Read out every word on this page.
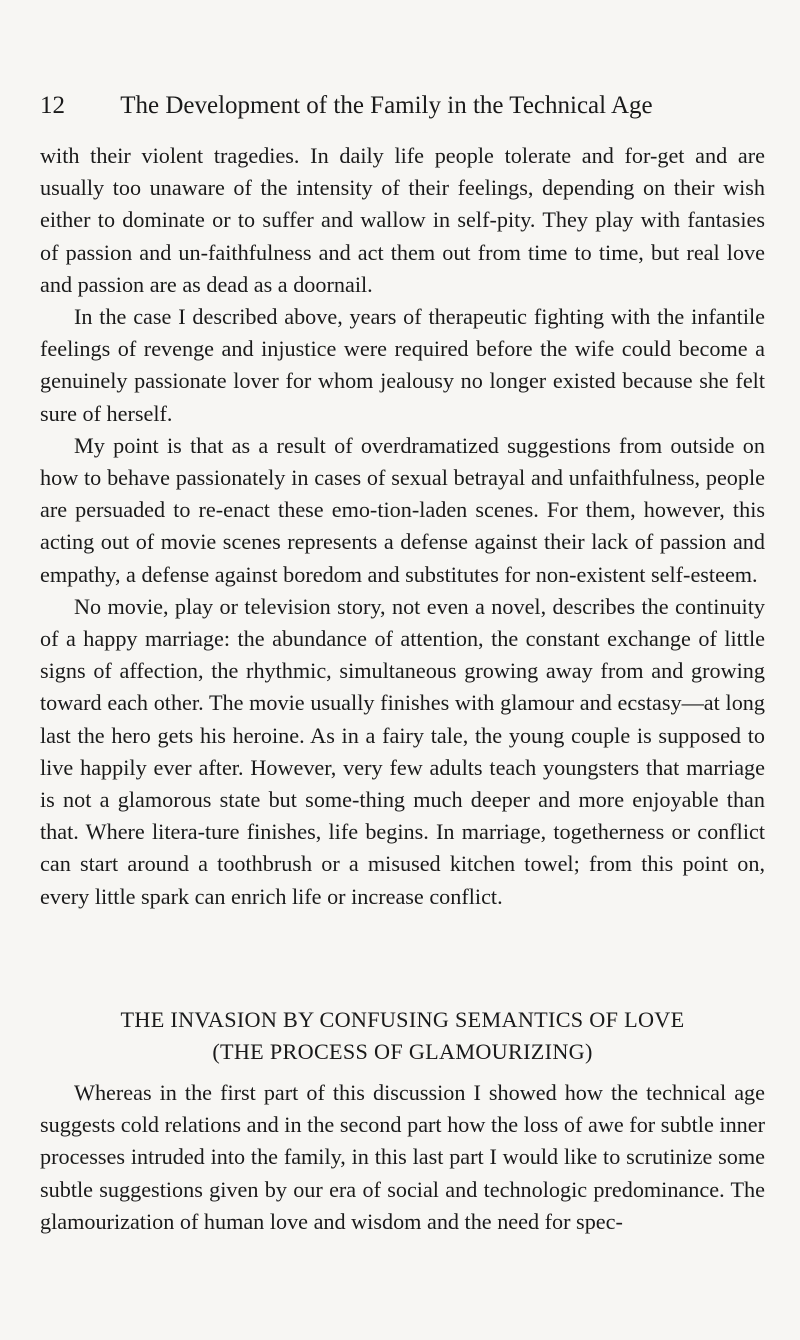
12 The Development of the Family in the Technical Age

with their violent tragedies. In daily life people tolerate and for-get and are usually too unaware of the intensity of their feelings, depending on their wish either to dominate or to suffer and wallow in self-pity. They play with fantasies of passion and un-faithfulness and act them out from time to time, but real love and passion are as dead as a doornail.

In the case I described above, years of therapeutic fighting with the infantile feelings of revenge and injustice were required before the wife could become a genuinely passionate lover for whom jealousy no longer existed because she felt sure of herself.

My point is that as a result of overdramatized suggestions from outside on how to behave passionately in cases of sexual betrayal and unfaithfulness, people are persuaded to re-enact these emo-tion-laden scenes. For them, however, this acting out of movie scenes represents a defense against their lack of passion and empathy, a defense against boredom and substitutes for non-existent self-esteem.

No movie, play or television story, not even a novel, describes the continuity of a happy marriage: the abundance of attention, the constant exchange of little signs of affection, the rhythmic, simultaneous growing away from and growing toward each other. The movie usually finishes with glamour and ecstasy—at long last the hero gets his heroine. As in a fairy tale, the young couple is supposed to live happily ever after. However, very few adults teach youngsters that marriage is not a glamorous state but some-thing much deeper and more enjoyable than that. Where litera-ture finishes, life begins. In marriage, togetherness or conflict can start around a toothbrush or a misused kitchen towel; from this point on, every little spark can enrich life or increase conflict.

THE INVASION BY CONFUSING SEMANTICS OF LOVE
(THE PROCESS OF GLAMOURIZING)

Whereas in the first part of this discussion I showed how the technical age suggests cold relations and in the second part how the loss of awe for subtle inner processes intruded into the family, in this last part I would like to scrutinize some subtle suggestions given by our era of social and technologic predominance. The glamourization of human love and wisdom and the need for spec-
